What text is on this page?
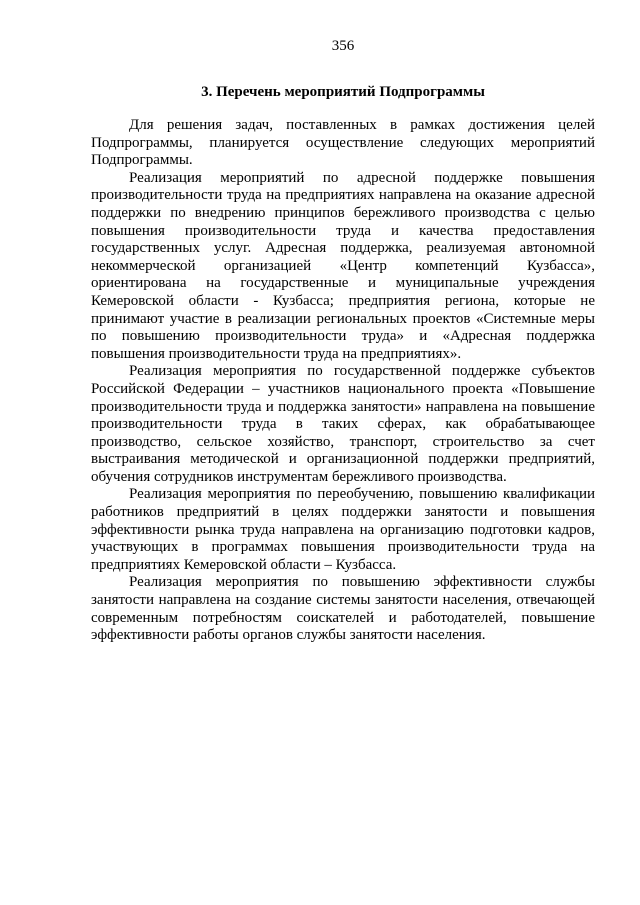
356
3. Перечень мероприятий Подпрограммы

Для решения задач, поставленных в рамках достижения целей Подпрограммы, планируется осуществление следующих мероприятий Подпрограммы.

Реализация мероприятий по адресной поддержке повышения производительности труда на предприятиях направлена на оказание адресной поддержки по внедрению принципов бережливого производства с целью повышения производительности труда и качества предоставления государственных услуг. Адресная поддержка, реализуемая автономной некоммерческой организацией «Центр компетенций Кузбасса», ориентирована на государственные и муниципальные учреждения Кемеровской области - Кузбасса; предприятия региона, которые не принимают участие в реализации региональных проектов «Системные меры по повышению производительности труда» и «Адресная поддержка повышения производительности труда на предприятиях».

Реализация мероприятия по государственной поддержке субъектов Российской Федерации – участников национального проекта «Повышение производительности труда и поддержка занятости» направлена на повышение производительности труда в таких сферах, как обрабатывающее производство, сельское хозяйство, транспорт, строительство за счет выстраивания методической и организационной поддержки предприятий, обучения сотрудников инструментам бережливого производства.

Реализация мероприятия по переобучению, повышению квалификации работников предприятий в целях поддержки занятости и повышения эффективности рынка труда направлена на организацию подготовки кадров, участвующих в программах повышения производительности труда на предприятиях Кемеровской области – Кузбасса.

Реализация мероприятия по повышению эффективности службы занятости направлена на создание системы занятости населения, отвечающей современным потребностям соискателей и работодателей, повышение эффективности работы органов службы занятости населения.
